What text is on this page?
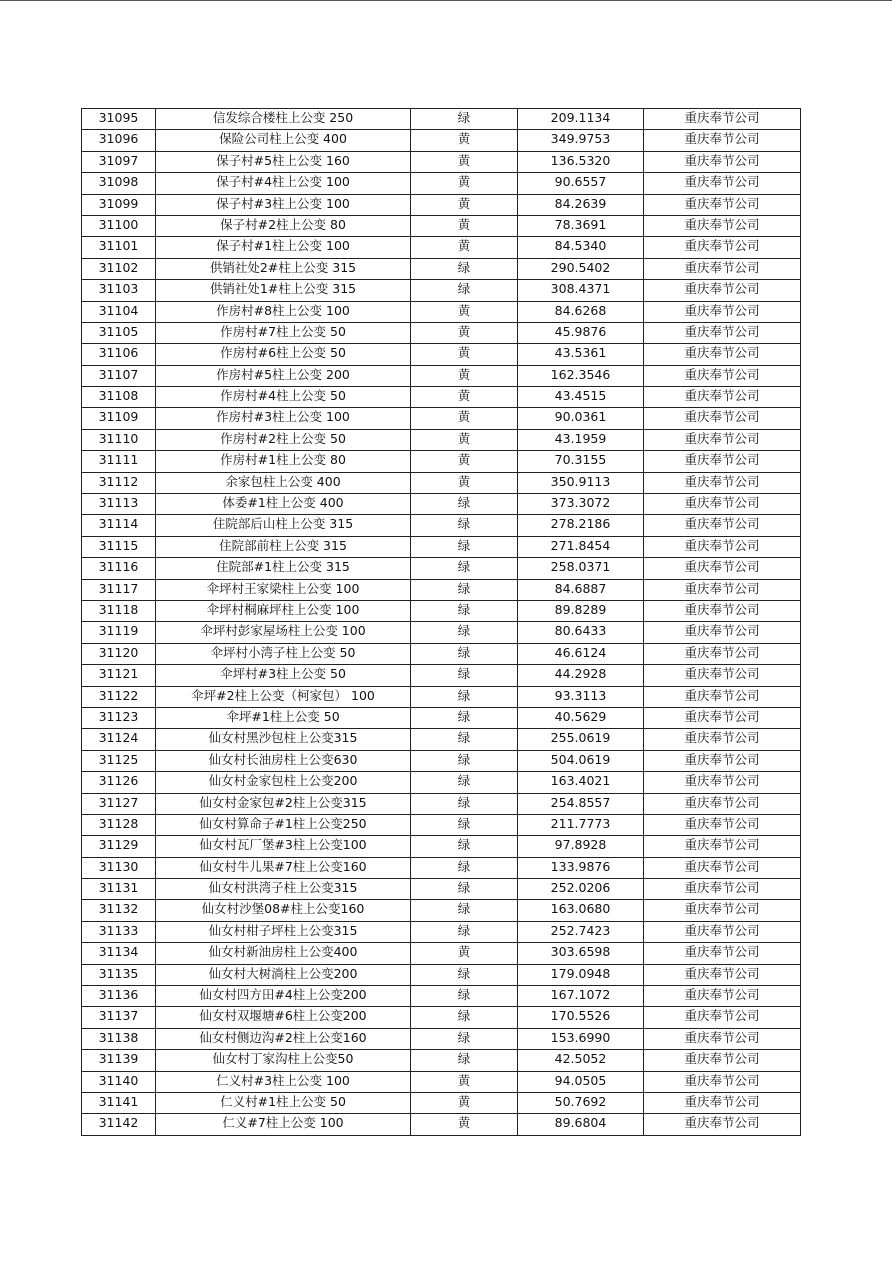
31095	信发综合楼柱上公变 250	绿	209.1134	重庆奉节公司

31096	保险公司柱上公变 400	黄	349.9753	重庆奉节公司

31097	保子村#5柱上公变 160	黄	136.5320	重庆奉节公司

31098	保子村#4柱上公变 100	黄	90.6557	重庆奉节公司

31099	保子村#3柱上公变 100	黄	84.2639	重庆奉节公司

31100	保子村#2柱上公变 80	黄	78.3691	重庆奉节公司

31101	保子村#1柱上公变 100	黄	84.5340	重庆奉节公司

31102	供销社处2#柱上公变 315	绿	290.5402	重庆奉节公司

31103	供销社处1#柱上公变 315	绿	308.4371	重庆奉节公司

31104	作房村#8柱上公变 100	黄	84.6268	重庆奉节公司

31105	作房村#7柱上公变 50	黄	45.9876	重庆奉节公司

31106	作房村#6柱上公变 50	黄	43.5361	重庆奉节公司

31107	作房村#5柱上公变 200	黄	162.3546	重庆奉节公司

31108	作房村#4柱上公变 50	黄	43.4515	重庆奉节公司

31109	作房村#3柱上公变 100	黄	90.0361	重庆奉节公司

31110	作房村#2柱上公变 50	黄	43.1959	重庆奉节公司

31111	作房村#1柱上公变 80	黄	70.3155	重庆奉节公司

31112	余家包柱上公变 400	黄	350.9113	重庆奉节公司

31113	体委#1柱上公变 400	绿	373.3072	重庆奉节公司

31114	住院部后山柱上公变 315	绿	278.2186	重庆奉节公司

31115	住院部前柱上公变 315	绿	271.8454	重庆奉节公司

31116	住院部#1柱上公变 315	绿	258.0371	重庆奉节公司

31117	伞坪村王家梁柱上公变 100	绿	84.6887	重庆奉节公司

31118	伞坪村桐麻坪柱上公变 100	绿	89.8289	重庆奉节公司

31119	伞坪村彭家屋场柱上公变 100	绿	80.6433	重庆奉节公司

31120	伞坪村小湾子柱上公变 50	绿	46.6124	重庆奉节公司

31121	伞坪村#3柱上公变 50	绿	44.2928	重庆奉节公司

31122	伞坪#2柱上公变（柯家包） 100	绿	93.3113	重庆奉节公司

31123	伞坪#1柱上公变 50	绿	40.5629	重庆奉节公司

31124	仙女村黑沙包柱上公变315	绿	255.0619	重庆奉节公司

31125	仙女村长油房柱上公变630	绿	504.0619	重庆奉节公司

31126	仙女村金家包柱上公变200	绿	163.4021	重庆奉节公司

31127	仙女村金家包#2柱上公变315	绿	254.8557	重庆奉节公司

31128	仙女村算命子#1柱上公变250	绿	211.7773	重庆奉节公司

31129	仙女村瓦厂堡#3柱上公变100	绿	97.8928	重庆奉节公司

31130	仙女村牛儿果#7柱上公变160	绿	133.9876	重庆奉节公司

31131	仙女村洪湾子柱上公变315	绿	252.0206	重庆奉节公司

31132	仙女村沙堡08#柱上公变160	绿	163.0680	重庆奉节公司

31133	仙女村柑子坪柱上公变315	绿	252.7423	重庆奉节公司

31134	仙女村新油房柱上公变400	黄	303.6598	重庆奉节公司

31135	仙女村大树淌柱上公变200	绿	179.0948	重庆奉节公司

31136	仙女村四方田#4柱上公变200	绿	167.1072	重庆奉节公司

31137	仙女村双堰塘#6柱上公变200	绿	170.5526	重庆奉节公司

31138	仙女村侧边沟#2柱上公变160	绿	153.6990	重庆奉节公司

31139	仙女村丁家沟柱上公变50	绿	42.5052	重庆奉节公司

31140	仁义村#3柱上公变 100	黄	94.0505	重庆奉节公司

31141	仁义村#1柱上公变 50	黄	50.7692	重庆奉节公司

31142	仁义#7柱上公变 100	黄	89.6804	重庆奉节公司
